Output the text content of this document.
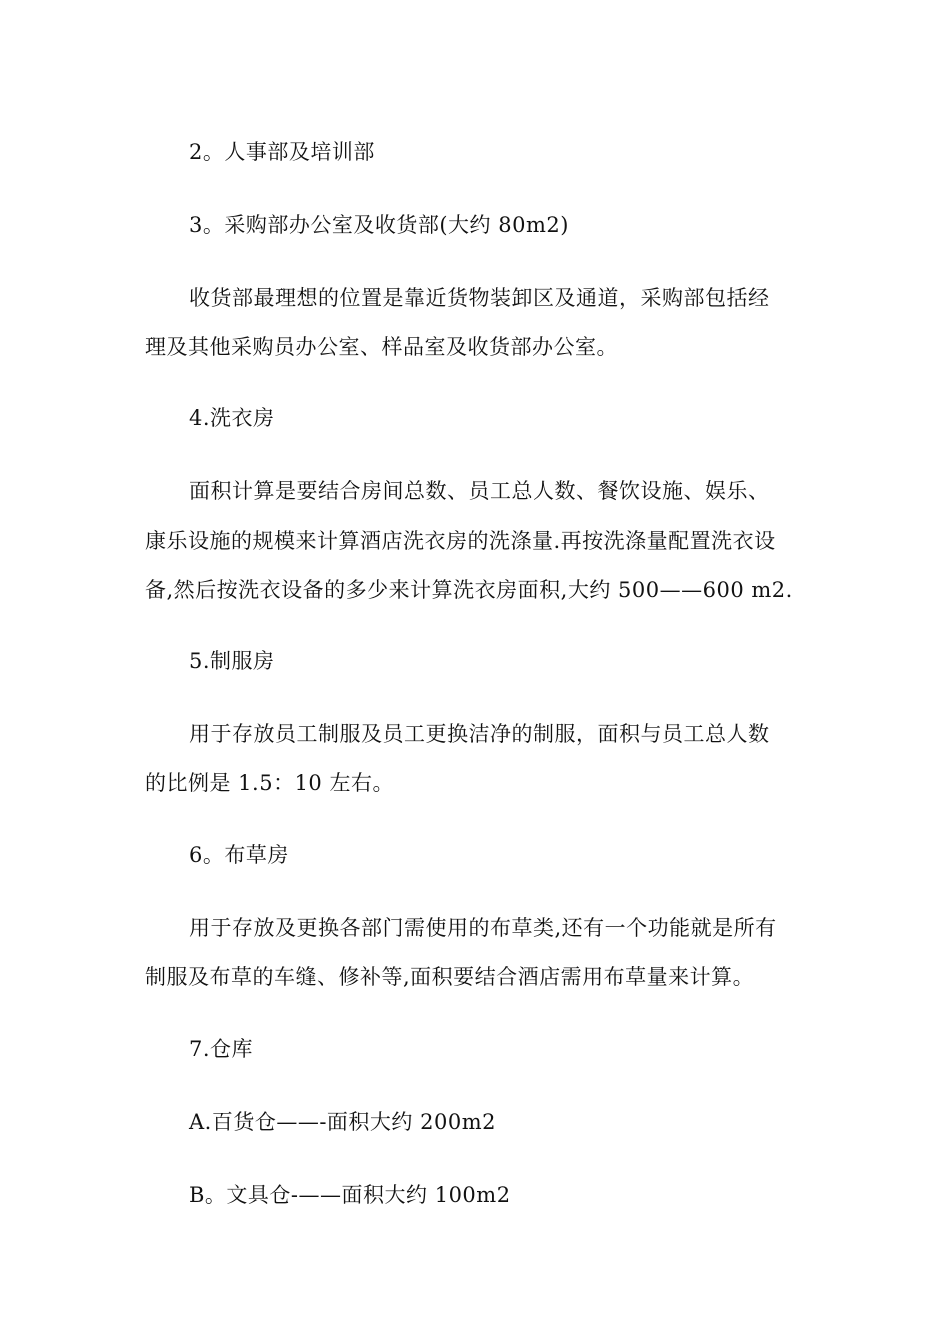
2。人事部及培训部
3。采购部办公室及收货部(大约 80m2)
收货部最理想的位置是靠近货物装卸区及通道，采购部包括经
理及其他采购员办公室、样品室及收货部办公室。
4.洗衣房
面积计算是要结合房间总数、员工总人数、餐饮设施、娱乐、
康乐设施的规模来计算酒店洗衣房的洗涤量.再按洗涤量配置洗衣设
备,然后按洗衣设备的多少来计算洗衣房面积,大约 500——600 m2.
5.制服房
用于存放员工制服及员工更换洁净的制服，面积与员工总人数
的比例是 1.5：10 左右。
6。布草房
用于存放及更换各部门需使用的布草类,还有一个功能就是所有
制服及布草的车缝、修补等,面积要结合酒店需用布草量来计算。
7.仓库
A.百货仓——-面积大约 200m2
B。文具仓-——面积大约 100m2
